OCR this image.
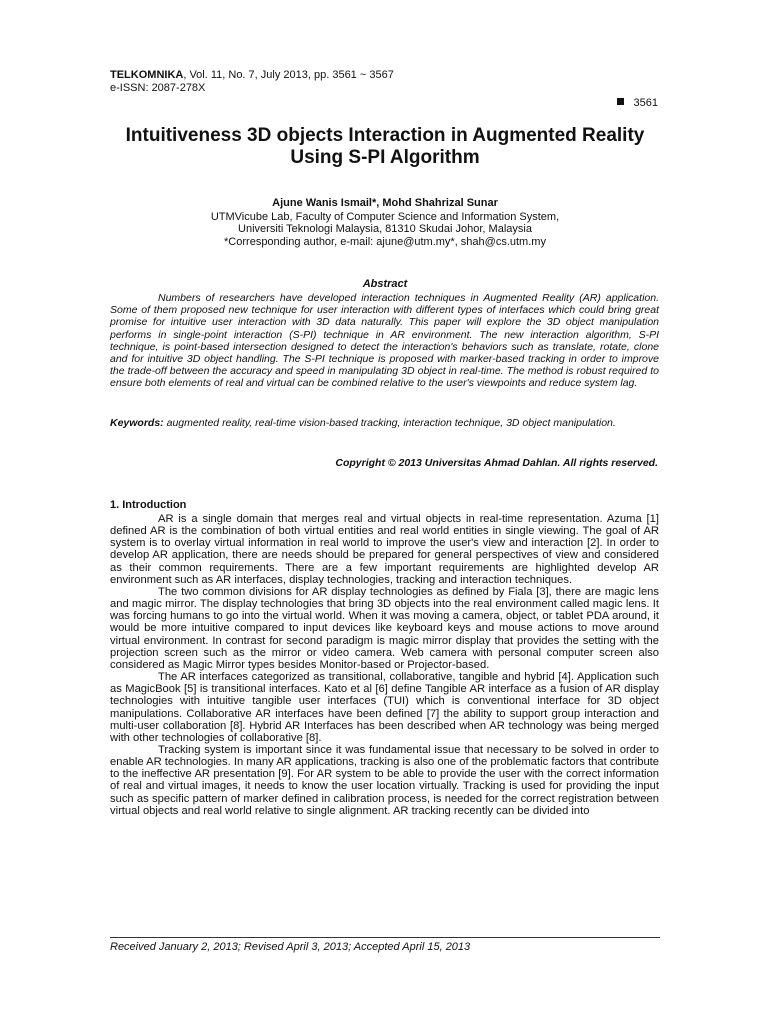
TELKOMNIKA, Vol. 11, No. 7, July 2013, pp. 3561 ~ 3567
e-ISSN: 2087-278X
3561
Intuitiveness 3D objects Interaction in Augmented Reality Using S-PI Algorithm
Ajune Wanis Ismail*, Mohd Shahrizal Sunar
UTMVicube Lab, Faculty of Computer Science and Information System,
Universiti Teknologi Malaysia, 81310 Skudai Johor, Malaysia
*Corresponding author, e-mail: ajune@utm.my*, shah@cs.utm.my
Abstract
Numbers of researchers have developed interaction techniques in Augmented Reality (AR) application. Some of them proposed new technique for user interaction with different types of interfaces which could bring great promise for intuitive user interaction with 3D data naturally. This paper will explore the 3D object manipulation performs in single-point interaction (S-PI) technique in AR environment. The new interaction algorithm, S-PI technique, is point-based intersection designed to detect the interaction's behaviors such as translate, rotate, clone and for intuitive 3D object handling. The S-PI technique is proposed with marker-based tracking in order to improve the trade-off between the accuracy and speed in manipulating 3D object in real-time. The method is robust required to ensure both elements of real and virtual can be combined relative to the user's viewpoints and reduce system lag.
Keywords: augmented reality, real-time vision-based tracking, interaction technique, 3D object manipulation.
Copyright © 2013 Universitas Ahmad Dahlan. All rights reserved.
1. Introduction

AR is a single domain that merges real and virtual objects in real-time representation. Azuma [1] defined AR is the combination of both virtual entities and real world entities in single viewing. The goal of AR system is to overlay virtual information in real world to improve the user's view and interaction [2]. In order to develop AR application, there are needs should be prepared for general perspectives of view and considered as their common requirements. There are a few important requirements are highlighted develop AR environment such as AR interfaces, display technologies, tracking and interaction techniques.

The two common divisions for AR display technologies as defined by Fiala [3], there are magic lens and magic mirror. The display technologies that bring 3D objects into the real environment called magic lens. It was forcing humans to go into the virtual world. When it was moving a camera, object, or tablet PDA around, it would be more intuitive compared to input devices like keyboard keys and mouse actions to move around virtual environment. In contrast for second paradigm is magic mirror display that provides the setting with the projection screen such as the mirror or video camera. Web camera with personal computer screen also considered as Magic Mirror types besides Monitor-based or Projector-based.

The AR interfaces categorized as transitional, collaborative, tangible and hybrid [4]. Application such as MagicBook [5] is transitional interfaces. Kato et al [6] define Tangible AR interface as a fusion of AR display technologies with intuitive tangible user interfaces (TUI) which is conventional interface for 3D object manipulations. Collaborative AR interfaces have been defined [7] the ability to support group interaction and multi-user collaboration [8]. Hybrid AR Interfaces has been described when AR technology was being merged with other technologies of collaborative [8].

Tracking system is important since it was fundamental issue that necessary to be solved in order to enable AR technologies. In many AR applications, tracking is also one of the problematic factors that contribute to the ineffective AR presentation [9]. For AR system to be able to provide the user with the correct information of real and virtual images, it needs to know the user location virtually. Tracking is used for providing the input such as specific pattern of marker defined in calibration process, is needed for the correct registration between virtual objects and real world relative to single alignment. AR tracking recently can be divided into

Received January 2, 2013; Revised April 3, 2013; Accepted April 15, 2013
